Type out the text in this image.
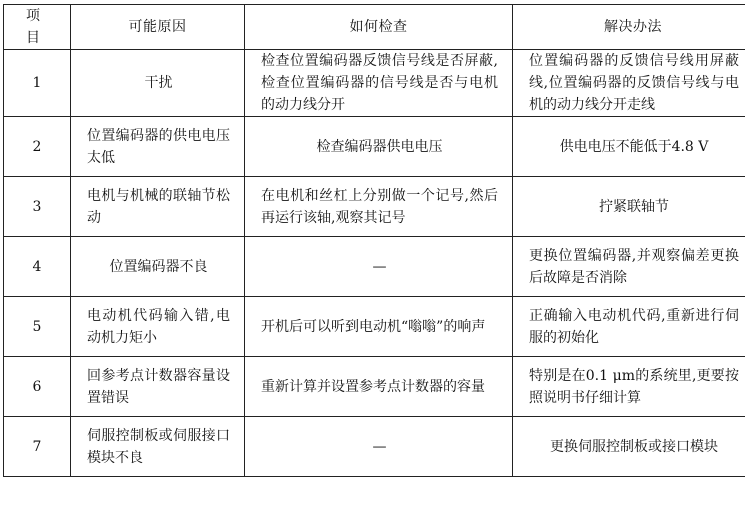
项 目	可能原因	如何检查	解决办法
1	干扰	检查位置编码器反馈信号线是否屏蔽,检查位置编码器的信号线是否与电机的动力线分开	位置编码器的反馈信号线用屏蔽线,位置编码器的反馈信号线与电机的动力线分开走线

2	位置编码器的供电电压太低	检查编码器供电电压	供电电压不能低于4.8 V

3	电机与机械的联轴节松动	在电机和丝杠上分别做一个记号,然后再运行该轴,观察其记号	拧紧联轴节

4	位置编码器不良	—	更换位置编码器,并观察偏差更换后故障是否消除

5	电动机代码输入错,电动机力矩小	开机后可以听到电动机“嗡嗡”的响声	正确输入电动机代码,重新进行伺服的初始化

6	回参考点计数器容量设置错误	重新计算并设置参考点计数器的容量	特别是在0.1 μm的系统里,更要按照说明书仔细计算

7	伺服控制板或伺服接口模块不良	—	更换伺服控制板或接口模块
